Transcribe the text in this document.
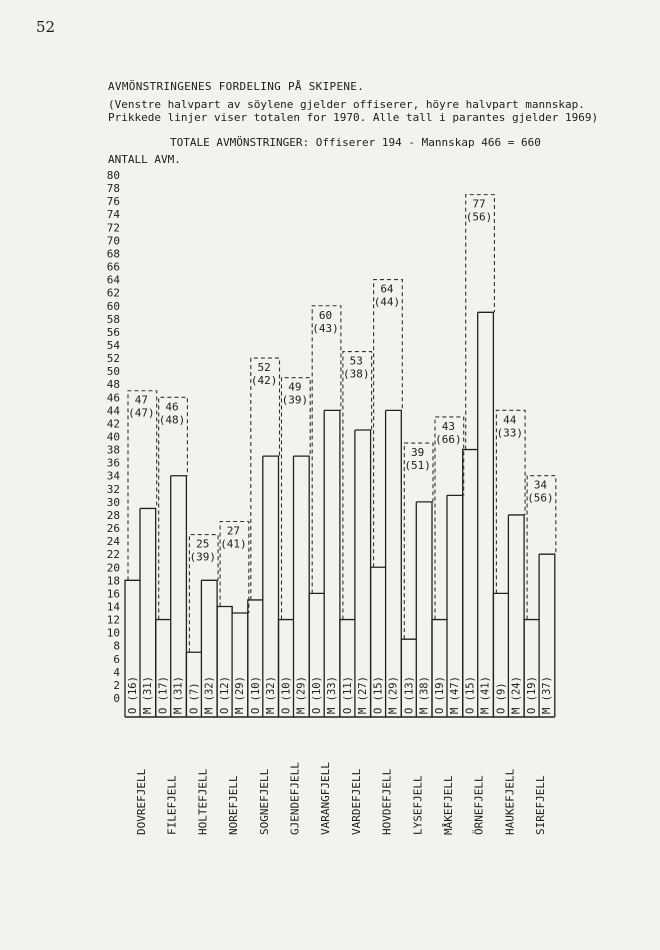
52
AVMÖNSTRINGENES FORDELING PÅ SKIPENE.
(Venstre halvpart av söylene gjelder offiserer, höyre halvpart mannskap.
Prikkede linjer viser totalen for 1970. Alle tall i parantes gjelder 1969)
TOTALE AVMÖNSTRINGER: Offiserer 194 - Mannskap 466 = 660
ANTALL AVM.
0
2
4
6
8
10
12
14
16
18
20
22
24
26
28
30
32
34
36
38
40
42
44
46
48
50
52
54
56
58
60
62
64
66
68
70
72
74
76
78
80
47
(47)
O (16) M (31)
DOVREFJELL
46
(48)
O (17) M (31)
FILEFJELL
25
(39)
O (7) M (32)
HOLTEFJELL
27
(41)
O (12) M (29)
NOREFJELL
52
(42)
O (10) M (32)
SOGNEFJELL
49
(39)
O (10) M (29)
GJENDEFJELL
60
(43)
O (10) M (33)
VARANGFJELL
53
(38)
O (11) M (27)
VARDEFJELL
64
(44)
O (15) M (29)
HOVDEFJELL
39
(51)
O (13) M (38)
LYSEFJELL
43
(66)
O (19) M (47)
MÅKEFJELL
77
(56)
O (15) M (41)
ÖRNEFJELL
44
(33)
O (9) M (24)
HAUKEFJELL
34
(56)
O (19) M (37)
SIREFJELL
